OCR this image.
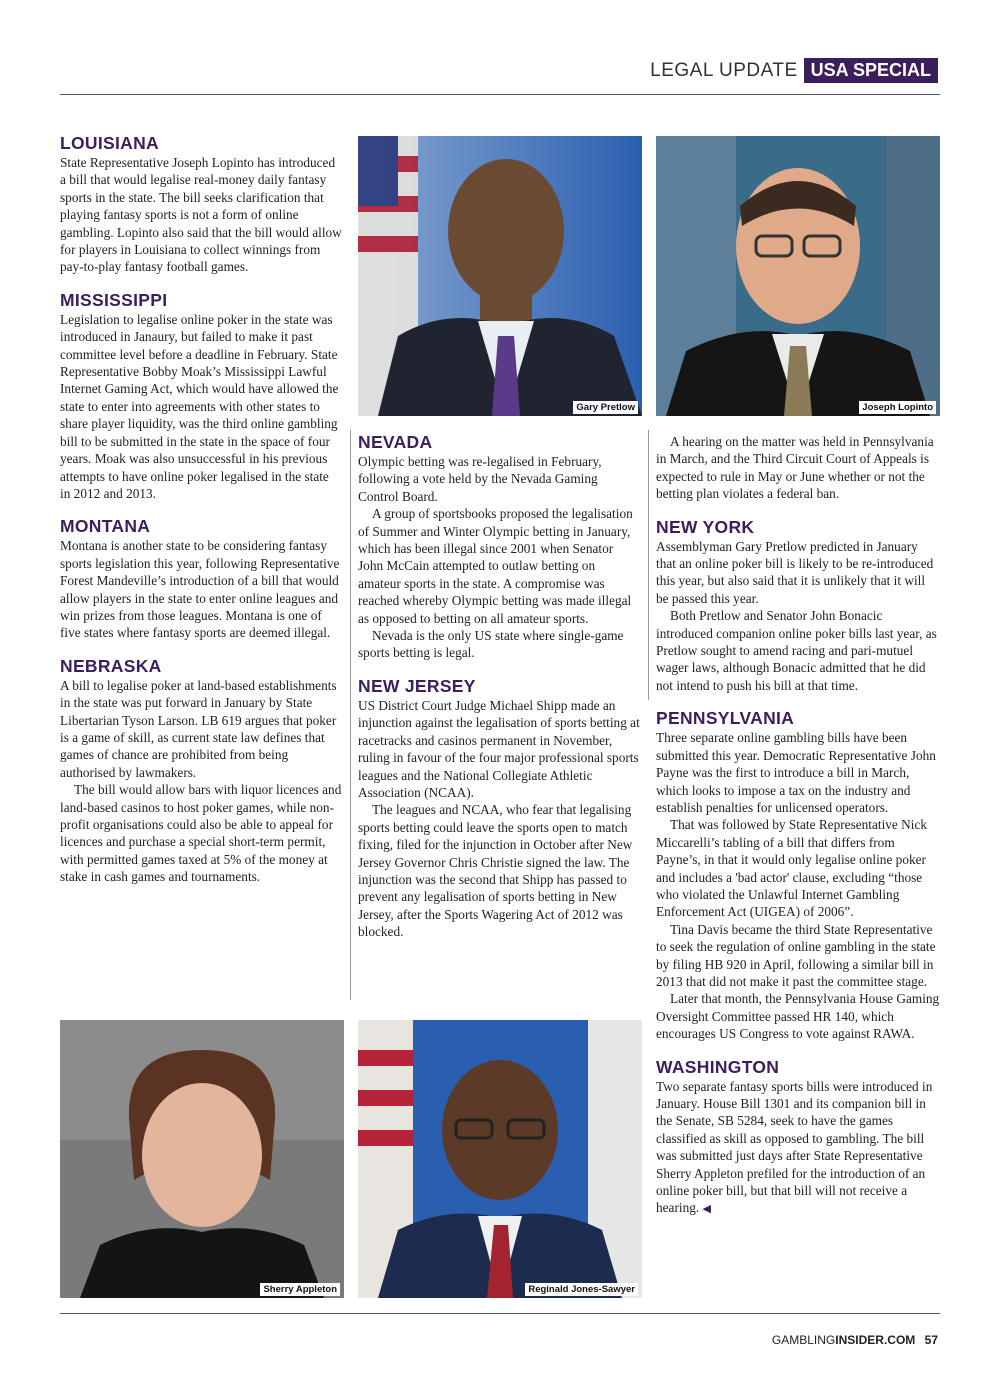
LEGAL UPDATE USA SPECIAL
LOUISIANA

State Representative Joseph Lopinto has introduced a bill that would legalise real-money daily fantasy sports in the state. The bill seeks clarification that playing fantasy sports is not a form of online gambling. Lopinto also said that the bill would allow for players in Louisiana to collect winnings from pay-to-play fantasy football games.

MISSISSIPPI

Legislation to legalise online poker in the state was introduced in Janaury, but failed to make it past committee level before a deadline in February. State Representative Bobby Moak’s Mississippi Lawful Internet Gaming Act, which would have allowed the state to enter into agreements with other states to share player liquidity, was the third online gambling bill to be submitted in the state in the space of four years. Moak was also unsuccessful in his previous attempts to have online poker legalised in the state in 2012 and 2013.

MONTANA

Montana is another state to be considering fantasy sports legislation this year, following Representative Forest Mandeville’s introduction of a bill that would allow players in the state to enter online leagues and win prizes from those leagues. Montana is one of five states where fantasy sports are deemed illegal.

NEBRASKA

A bill to legalise poker at land-based establishments in the state was put forward in January by State Libertarian Tyson Larson. LB 619 argues that poker is a game of skill, as current state law defines that games of chance are prohibited from being authorised by lawmakers.

The bill would allow bars with liquor licences and land-based casinos to host poker games, while non-profit organisations could also be able to appeal for licences and purchase a special short-term permit, with permitted games taxed at 5% of the money at stake in cash games and tournaments.

Gary Pretlow	Joseph Lopinto
NEVADA

Olympic betting was re-legalised in February, following a vote held by the Nevada Gaming Control Board.

A group of sportsbooks proposed the legalisation of Summer and Winter Olympic betting in January, which has been illegal since 2001 when Senator John McCain attempted to outlaw betting on amateur sports in the state. A compromise was reached whereby Olympic betting was made illegal as opposed to betting on all amateur sports.

Nevada is the only US state where single-game sports betting is legal.

NEW JERSEY

US District Court Judge Michael Shipp made an injunction against the legalisation of sports betting at racetracks and casinos permanent in November, ruling in favour of the four major professional sports leagues and the National Collegiate Athletic Association (NCAA).

The leagues and NCAA, who fear that legalising sports betting could leave the sports open to match fixing, filed for the injunction in October after New Jersey Governor Chris Christie signed the law. The injunction was the second that Shipp has passed to prevent any legalisation of sports betting in New Jersey, after the Sports Wagering Act of 2012 was blocked.

A hearing on the matter was held in Pennsylvania in March, and the Third Circuit Court of Appeals is expected to rule in May or June whether or not the betting plan violates a federal ban.

NEW YORK

Assemblyman Gary Pretlow predicted in January that an online poker bill is likely to be re-introduced this year, but also said that it is unlikely that it will be passed this year.

Both Pretlow and Senator John Bonacic introduced companion online poker bills last year, as Pretlow sought to amend racing and pari-mutuel wager laws, although Bonacic admitted that he did not intend to push his bill at that time.

PENNSYLVANIA

Three separate online gambling bills have been submitted this year. Democratic Representative John Payne was the first to introduce a bill in March, which looks to impose a tax on the industry and establish penalties for unlicensed operators.

That was followed by State Representative Nick Miccarelli’s tabling of a bill that differs from Payne’s, in that it would only legalise online poker and includes a 'bad actor' clause, excluding “those who violated the Unlawful Internet Gambling Enforcement Act (UIGEA) of 2006”.

Tina Davis became the third State Representative to seek the regulation of online gambling in the state by filing HB 920 in April, following a similar bill in 2013 that did not make it past the committee stage.

Later that month, the Pennsylvania House Gaming Oversight Committee passed HR 140, which encourages US Congress to vote against RAWA.

WASHINGTON

Two separate fantasy sports bills were introduced in January. House Bill 1301 and its companion bill in the Senate, SB 5284, seek to have the games classified as skill as opposed to gambling. The bill was submitted just days after State Representative Sherry Appleton prefiled for the introduction of an online poker bill, but that bill will not receive a hearing. ◀

Sherry Appleton	Reginald Jones-Sawyer
GAMBLINGINSIDER.COM 57
